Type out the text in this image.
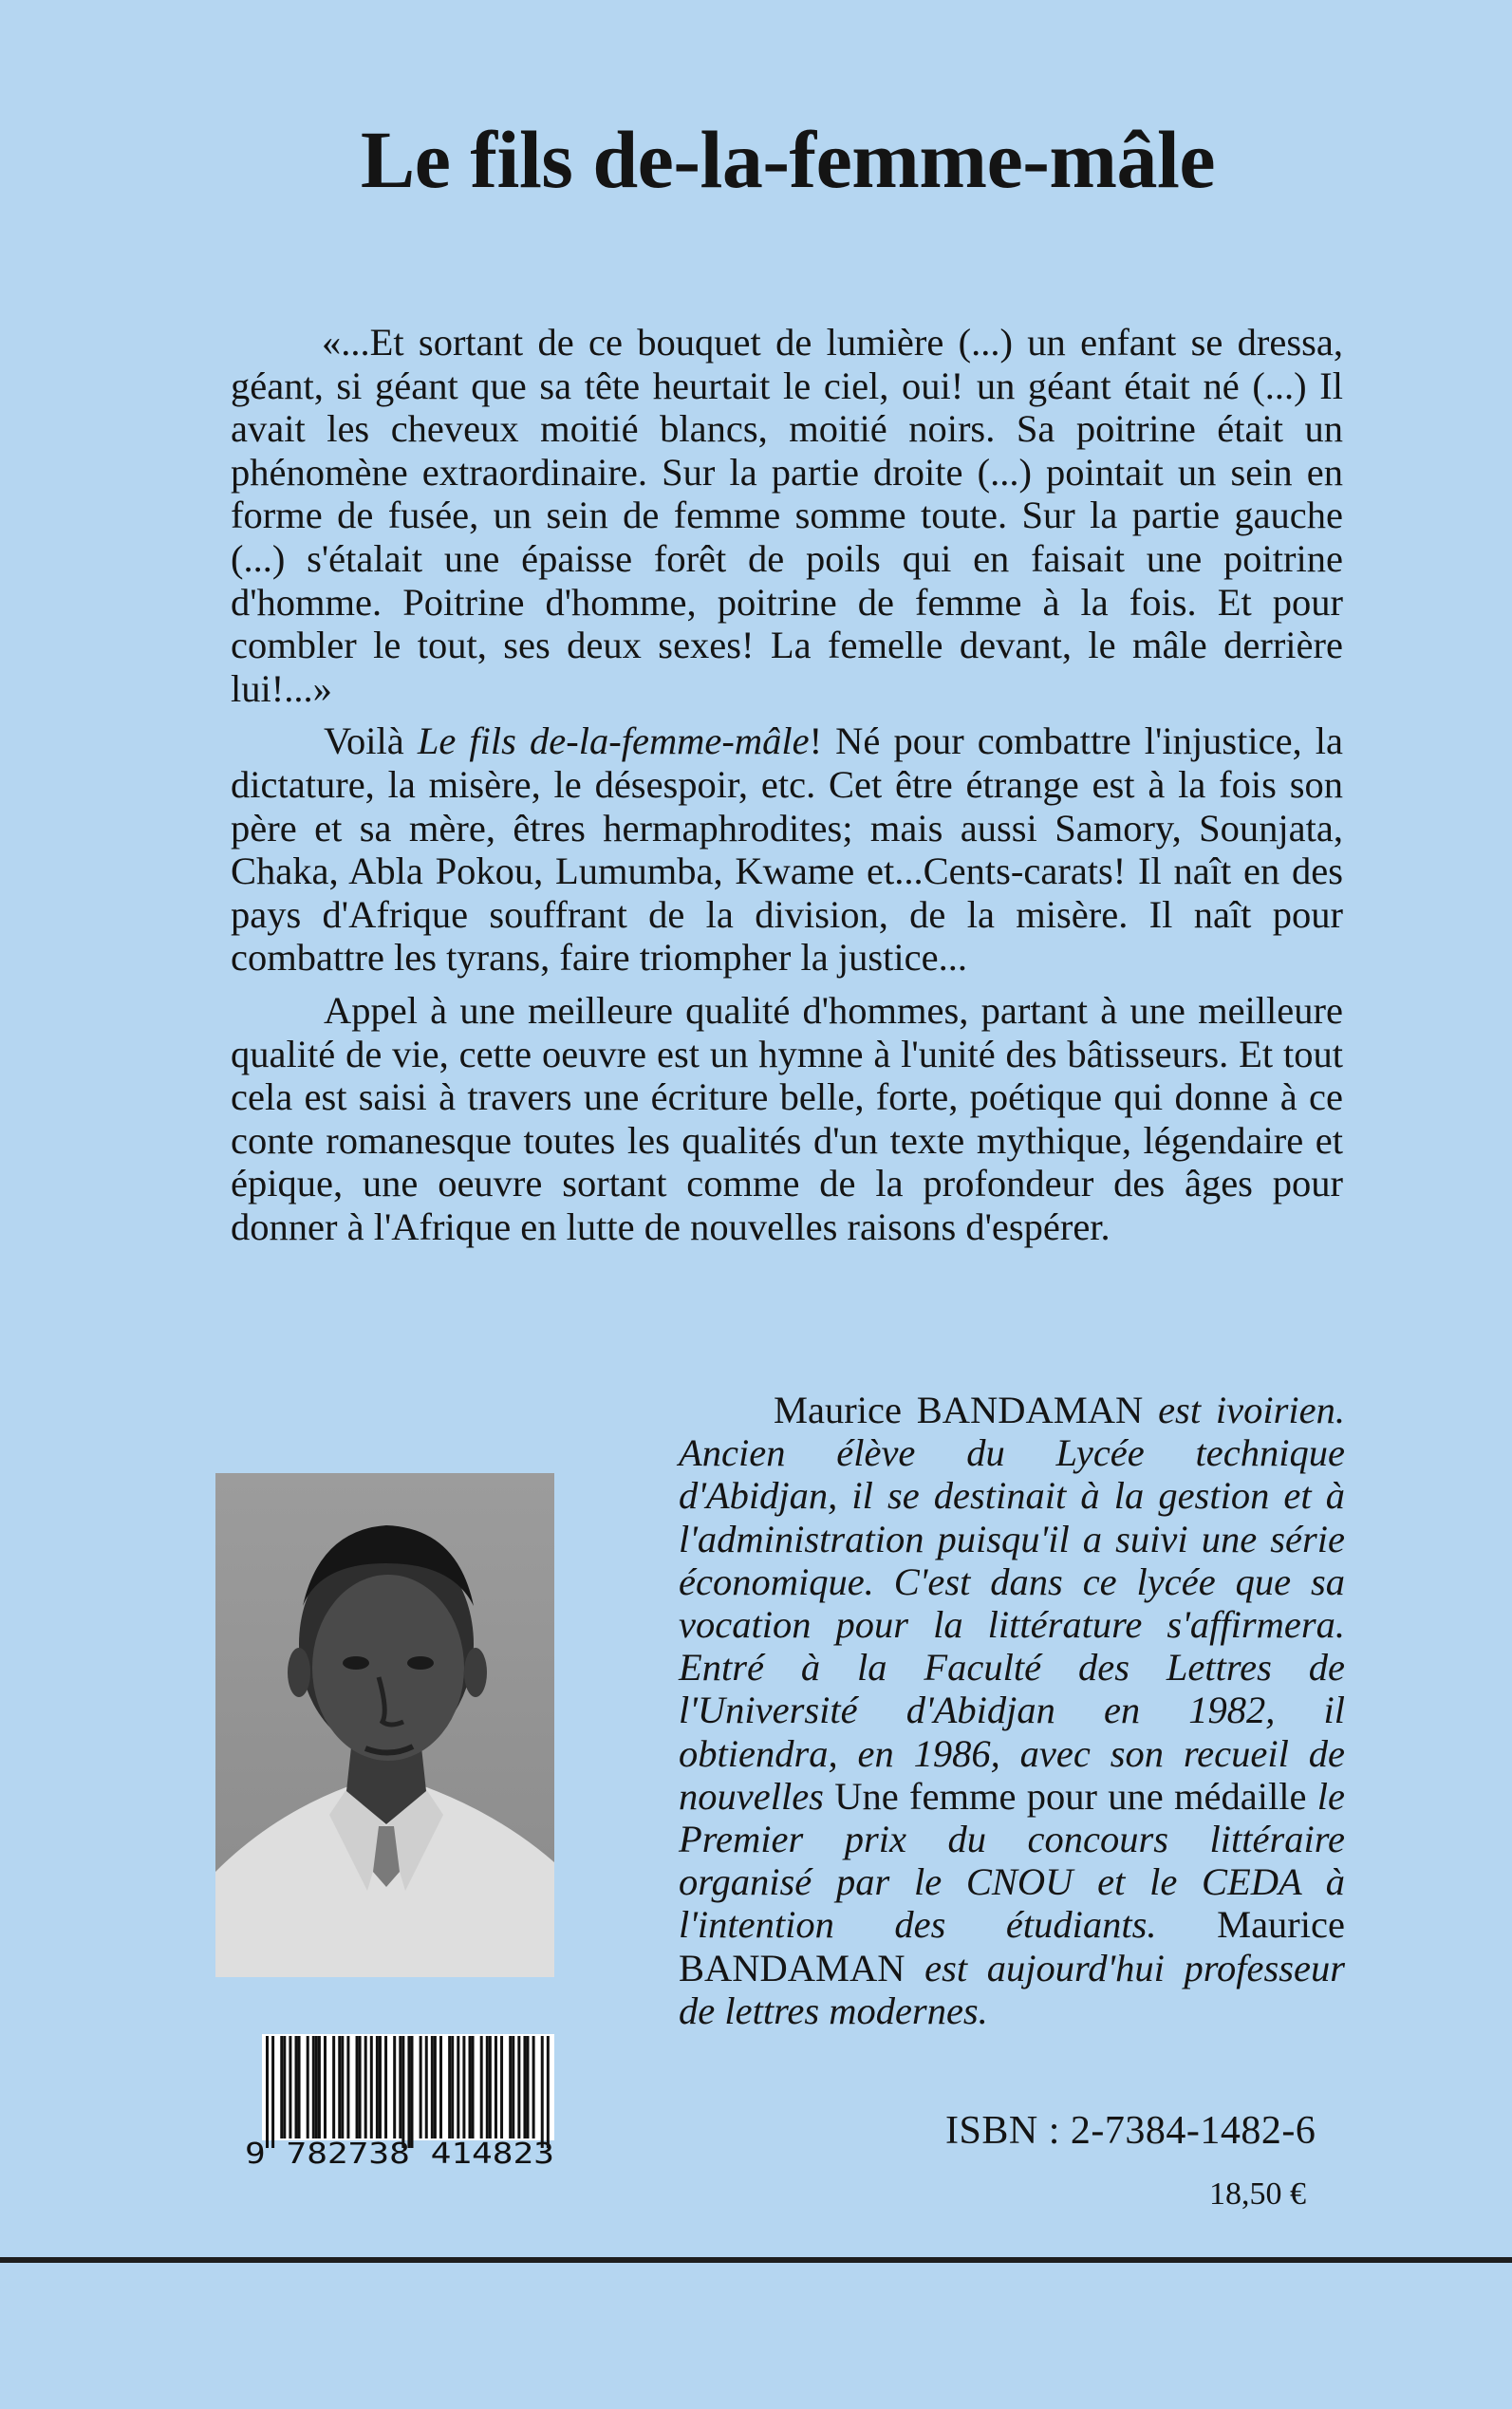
Le fils de-la-femme-mâle

«...Et sortant de ce bouquet de lumière (...) un enfant se dressa, géant, si géant que sa tête heurtait le ciel, oui! un géant était né (...) Il avait les cheveux moitié blancs, moitié noirs. Sa poitrine était un phénomène extraordinaire. Sur la partie droite (...) pointait un sein en forme de fusée, un sein de femme somme toute. Sur la partie gauche (...) s'étalait une épaisse forêt de poils qui en faisait une poitrine d'homme. Poitrine d'homme, poitrine de femme à la fois. Et pour combler le tout, ses deux sexes! La femelle devant, le mâle derrière lui!...»

Voilà Le fils de-la-femme-mâle! Né pour combattre l'injustice, la dictature, la misère, le désespoir, etc. Cet être étrange est à la fois son père et sa mère, êtres hermaphrodites; mais aussi Samory, Sounjata, Chaka, Abla Pokou, Lumumba, Kwame et...Cents-carats! Il naît en des pays d'Afrique souffrant de la division, de la misère. Il naît pour combattre les tyrans, faire triompher la justice...

Appel à une meilleure qualité d'hommes, partant à une meilleure qualité de vie, cette oeuvre est un hymne à l'unité des bâtisseurs. Et tout cela est saisi à travers une écriture belle, forte, poétique qui donne à ce conte romanesque toutes les qualités d'un texte mythique, légendaire et épique, une oeuvre sortant comme de la profondeur des âges pour donner à l'Afrique en lutte de nouvelles raisons d'espérer.

Maurice BANDAMAN est ivoirien. Ancien élève du Lycée technique d'Abidjan, il se destinait à la gestion et à l'administration puisqu'il a suivi une série économique. C'est dans ce lycée que sa vocation pour la littérature s'affirmera. Entré à la Faculté des Lettres de l'Université d'Abidjan en 1982, il obtiendra, en 1986, avec son recueil de nouvelles Une femme pour une médaille le Premier prix du concours littéraire organisé par le CNOU et le CEDA à l'intention des étudiants. Maurice BANDAMAN est aujourd'hui professeur de lettres modernes.

9 782738 414823
ISBN : 2-7384-1482-6
18,50 €
